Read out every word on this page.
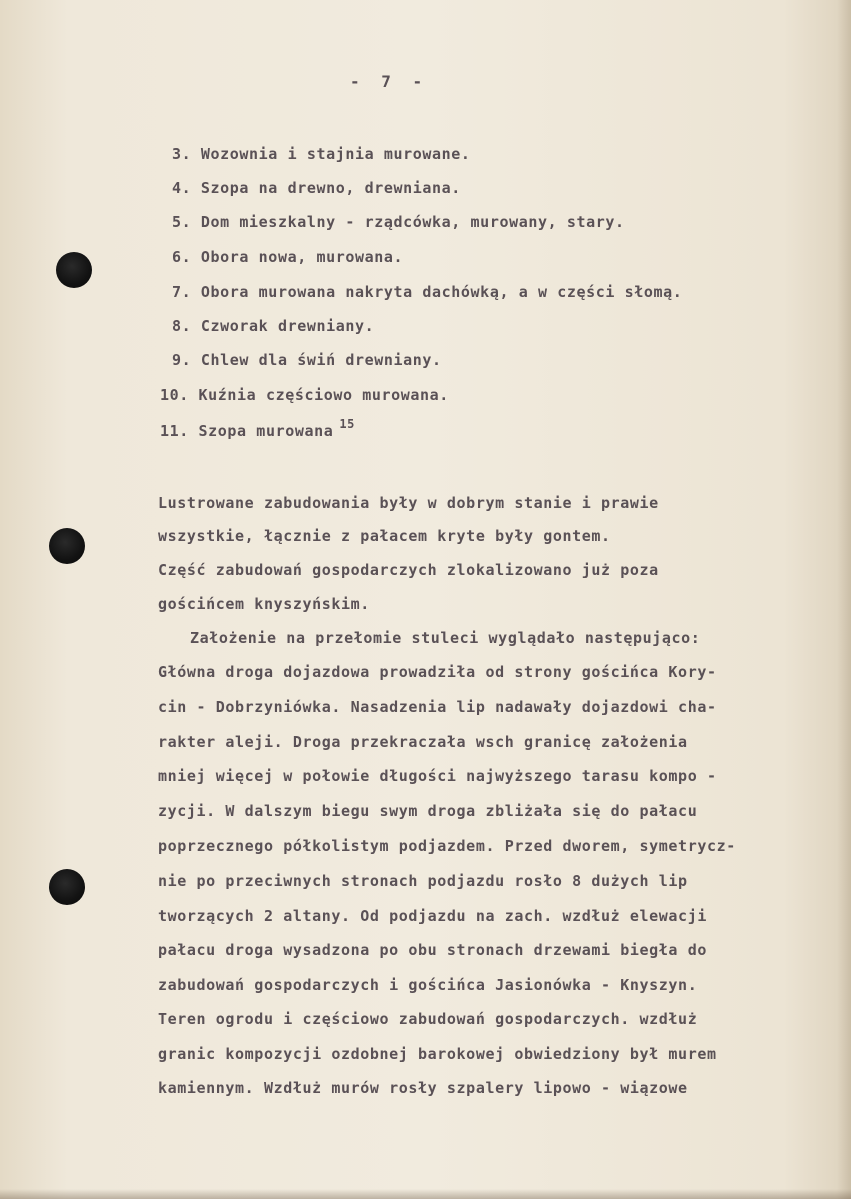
- 7 -
3. Wozownia i stajnia murowane.
4. Szopa na drewno, drewniana.
5. Dom mieszkalny - rządcówka, murowany, stary.
6. Obora nowa, murowana.
7. Obora murowana nakryta dachówką, a w części słomą.
8. Czworak drewniany.
9. Chlew dla świń drewniany.
10. Kuźnia częściowo murowana.
11. Szopa murowana $^{15}$
Lustrowane zabudowania były w dobrym stanie i prawie
wszystkie, łącznie z pałacem kryte były gontem.
Część zabudowań gospodarczych zlokalizowano już poza
gościńcem knyszyńskim.
Założenie na przełomie stuleci wyglądało następująco:
Główna droga dojazdowa prowadziła od strony gościńca Kory-
cin - Dobrzyniówka. Nasadzenia lip nadawały dojazdowi cha-
rakter aleji. Droga przekraczała wsch granicę założenia
mniej więcej w połowie długości najwyższego tarasu kompo -
zycji. W dalszym biegu swym droga zbliżała się do pałacu
poprzecznego półkolistym podjazdem. Przed dworem, symetrycz-
nie po przeciwnych stronach podjazdu rosło 8 dużych lip
tworzących 2 altany. Od podjazdu na zach. wzdłuż elewacji
pałacu droga wysadzona po obu stronach drzewami biegła do
zabudowań gospodarczych i gościńca Jasionówka - Knyszyn.
Teren ogrodu i częściowo zabudowań gospodarczych. wzdłuż
granic kompozycji ozdobnej barokowej obwiedziony był murem
kamiennym. Wzdłuż murów rosły szpalery lipowo - wiązowe
